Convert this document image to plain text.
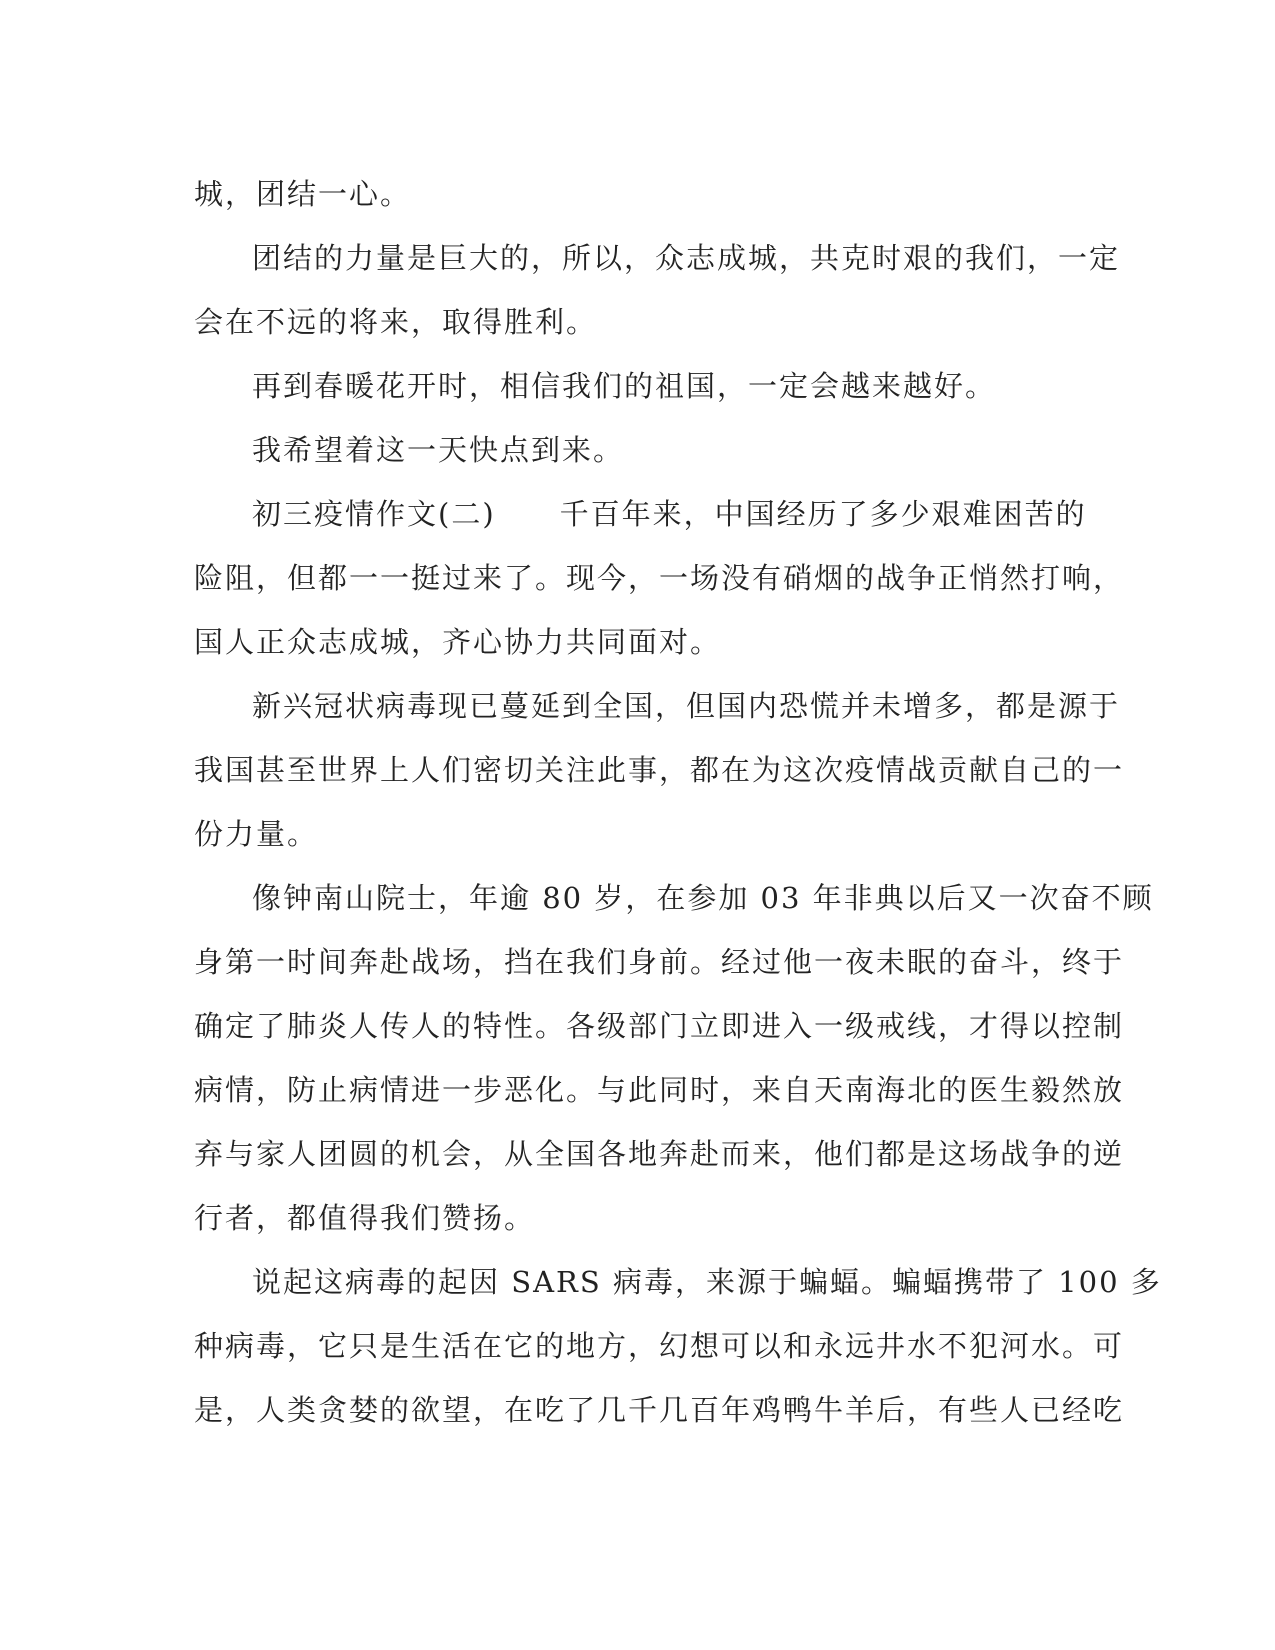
城，团结一心。
团结的力量是巨大的，所以，众志成城，共克时艰的我们，一定
会在不远的将来，取得胜利。
再到春暖花开时，相信我们的祖国，一定会越来越好。
我希望着这一天快点到来。
初三疫情作文(二) 千百年来，中国经历了多少艰难困苦的
险阻，但都一一挺过来了。现今，一场没有硝烟的战争正悄然打响，
国人正众志成城，齐心协力共同面对。
新兴冠状病毒现已蔓延到全国，但国内恐慌并未增多，都是源于
我国甚至世界上人们密切关注此事，都在为这次疫情战贡献自己的一
份力量。
像钟南山院士，年逾 80 岁，在参加 03 年非典以后又一次奋不顾
身第一时间奔赴战场，挡在我们身前。经过他一夜未眠的奋斗，终于
确定了肺炎人传人的特性。各级部门立即进入一级戒线，才得以控制
病情，防止病情进一步恶化。与此同时，来自天南海北的医生毅然放
弃与家人团圆的机会，从全国各地奔赴而来，他们都是这场战争的逆
行者，都值得我们赞扬。
说起这病毒的起因 SARS 病毒，来源于蝙蝠。蝙蝠携带了 100 多
种病毒，它只是生活在它的地方，幻想可以和永远井水不犯河水。可
是，人类贪婪的欲望，在吃了几千几百年鸡鸭牛羊后，有些人已经吃
